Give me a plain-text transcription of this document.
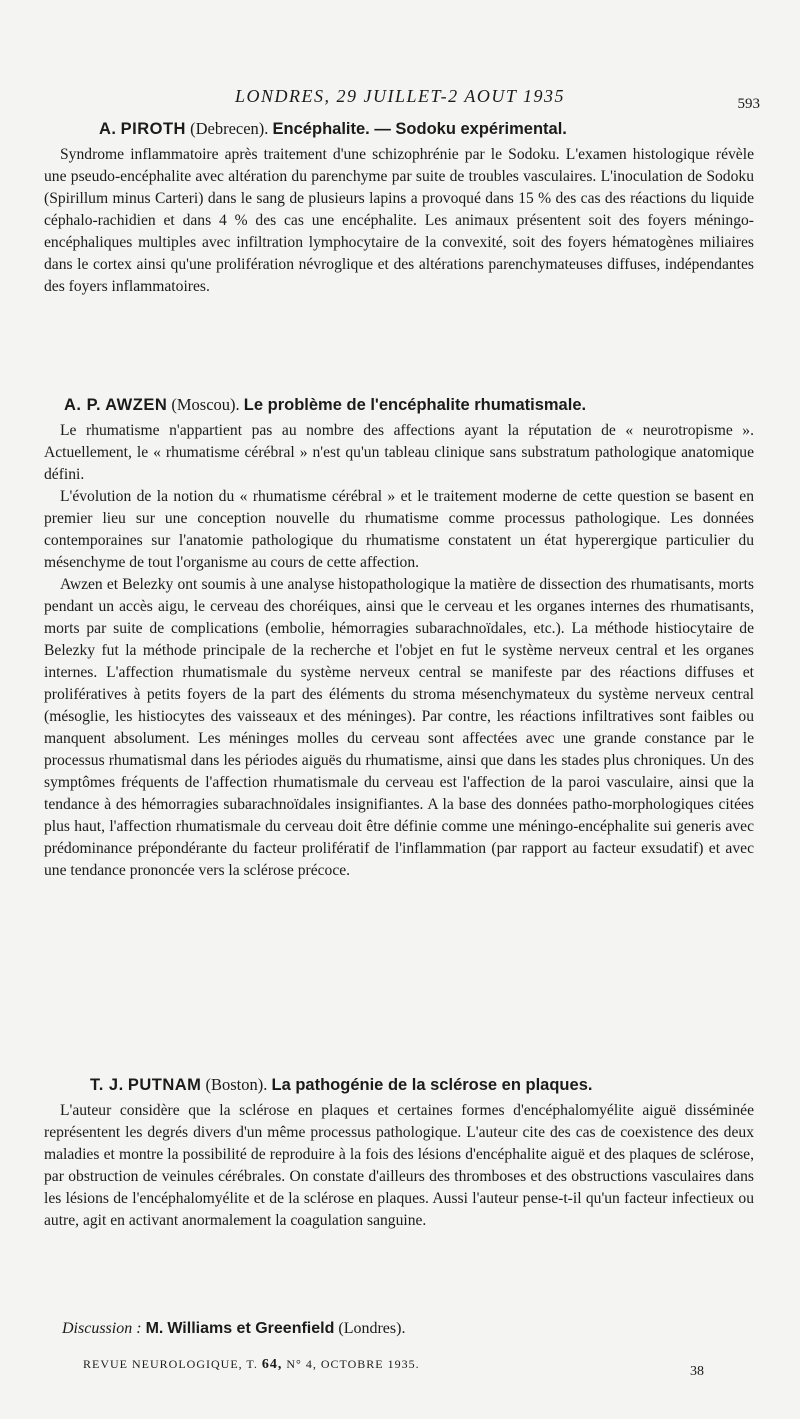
LONDRES, 29 JUILLET-2 AOUT 1935	593
A. PIROTH (Debrecen). Encéphalite. — Sodoku expérimental.

Syndrome inflammatoire après traitement d'une schizophrénie par le Sodoku. L'examen histologique révèle une pseudo-encéphalite avec altération du parenchyme par suite de troubles vasculaires. L'inoculation de Sodoku (Spirillum minus Carteri) dans le sang de plusieurs lapins a provoqué dans 15 % des cas des réactions du liquide céphalo-rachidien et dans 4 % des cas une encéphalite. Les animaux présentent soit des foyers méningo-encéphaliques multiples avec infiltration lymphocytaire de la convexité, soit des foyers hématogènes miliaires dans le cortex ainsi qu'une prolifération névroglique et des altérations parenchymateuses diffuses, indépendantes des foyers inflammatoires.

A. P. AWZEN (Moscou). Le problème de l'encéphalite rhumatismale.

Le rhumatisme n'appartient pas au nombre des affections ayant la réputation de « neurotropisme ». Actuellement, le « rhumatisme cérébral » n'est qu'un tableau clinique sans substratum pathologique anatomique défini.

L'évolution de la notion du « rhumatisme cérébral » et le traitement moderne de cette question se basent en premier lieu sur une conception nouvelle du rhumatisme comme processus pathologique. Les données contemporaines sur l'anatomie pathologique du rhumatisme constatent un état hyperergique particulier du mésenchyme de tout l'organisme au cours de cette affection.

Awzen et Belezky ont soumis à une analyse histopathologique la matière de dissection des rhumatisants, morts pendant un accès aigu, le cerveau des choréiques, ainsi que le cerveau et les organes internes des rhumatisants, morts par suite de complications (embolie, hémorragies subarachnoïdales, etc.). La méthode histiocytaire de Belezky fut la méthode principale de la recherche et l'objet en fut le système nerveux central et les organes internes. L'affection rhumatismale du système nerveux central se manifeste par des réactions diffuses et prolifératives à petits foyers de la part des éléments du stroma mésenchymateux du système nerveux central (mésoglie, les histiocytes des vaisseaux et des méninges). Par contre, les réactions infiltratives sont faibles ou manquent absolument. Les méninges molles du cerveau sont affectées avec une grande constance par le processus rhumatismal dans les périodes aiguës du rhumatisme, ainsi que dans les stades plus chroniques. Un des symptômes fréquents de l'affection rhumatismale du cerveau est l'affection de la paroi vasculaire, ainsi que la tendance à des hémorragies subarachnoïdales insignifiantes. A la base des données patho-morphologiques citées plus haut, l'affection rhumatismale du cerveau doit être définie comme une méningo-encéphalite sui generis avec prédominance prépondérante du facteur prolifératif de l'inflammation (par rapport au facteur exsudatif) et avec une tendance prononcée vers la sclérose précoce.

T. J. PUTNAM (Boston). La pathogénie de la sclérose en plaques.

L'auteur considère que la sclérose en plaques et certaines formes d'encéphalomyélite aiguë disséminée représentent les degrés divers d'un même processus pathologique. L'auteur cite des cas de coexistence des deux maladies et montre la possibilité de reproduire à la fois des lésions d'encéphalite aiguë et des plaques de sclérose, par obstruction de veinules cérébrales. On constate d'ailleurs des thromboses et des obstructions vasculaires dans les lésions de l'encéphalomyélite et de la sclérose en plaques. Aussi l'auteur pense-t-il qu'un facteur infectieux ou autre, agit en activant anormalement la coagulation sanguine.

Discussion : M. Williams et Greenfield (Londres).
REVUE NEUROLOGIQUE, T. 64, N° 4, OCTOBRE 1935.	38
